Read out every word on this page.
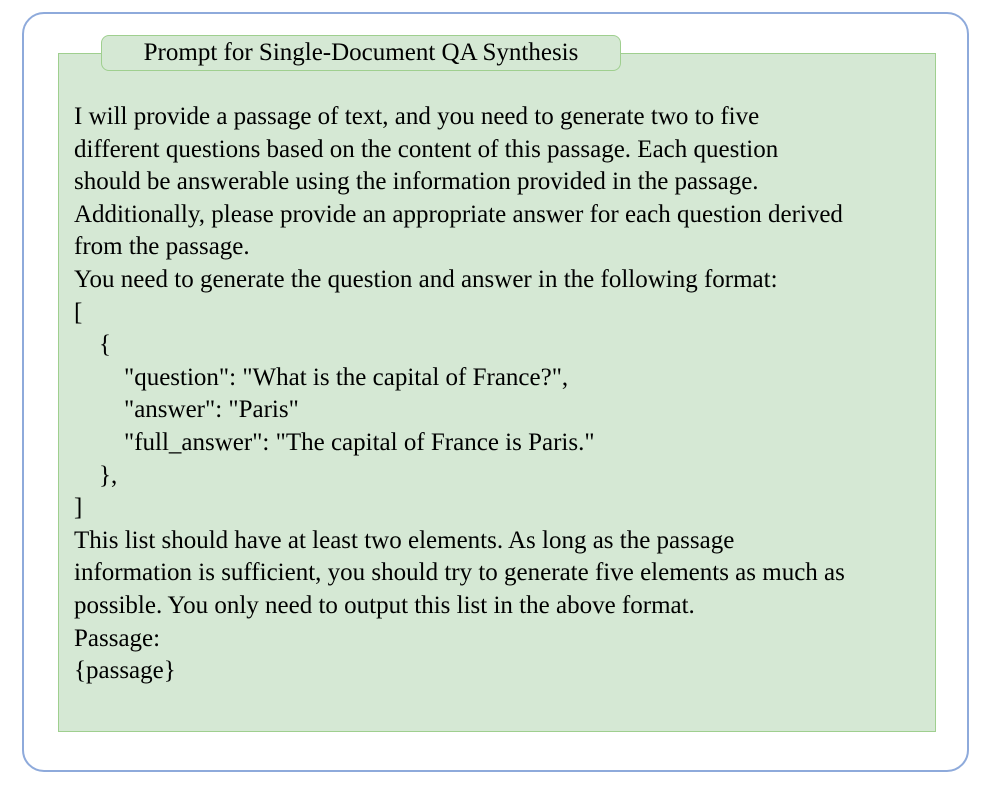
Prompt for Single-Document QA Synthesis
I will provide a passage of text, and you need to generate two to five
different questions based on the content of this passage. Each question
should be answerable using the information provided in the passage.
Additionally, please provide an appropriate answer for each question derived
from the passage.
You need to generate the question and answer in the following format:
[
{
"question": "What is the capital of France?",
"answer": "Paris"
"full_answer": "The capital of France is Paris."
},
]
This list should have at least two elements. As long as the passage
information is sufficient, you should try to generate five elements as much as
possible. You only need to output this list in the above format.
Passage:
{passage}
